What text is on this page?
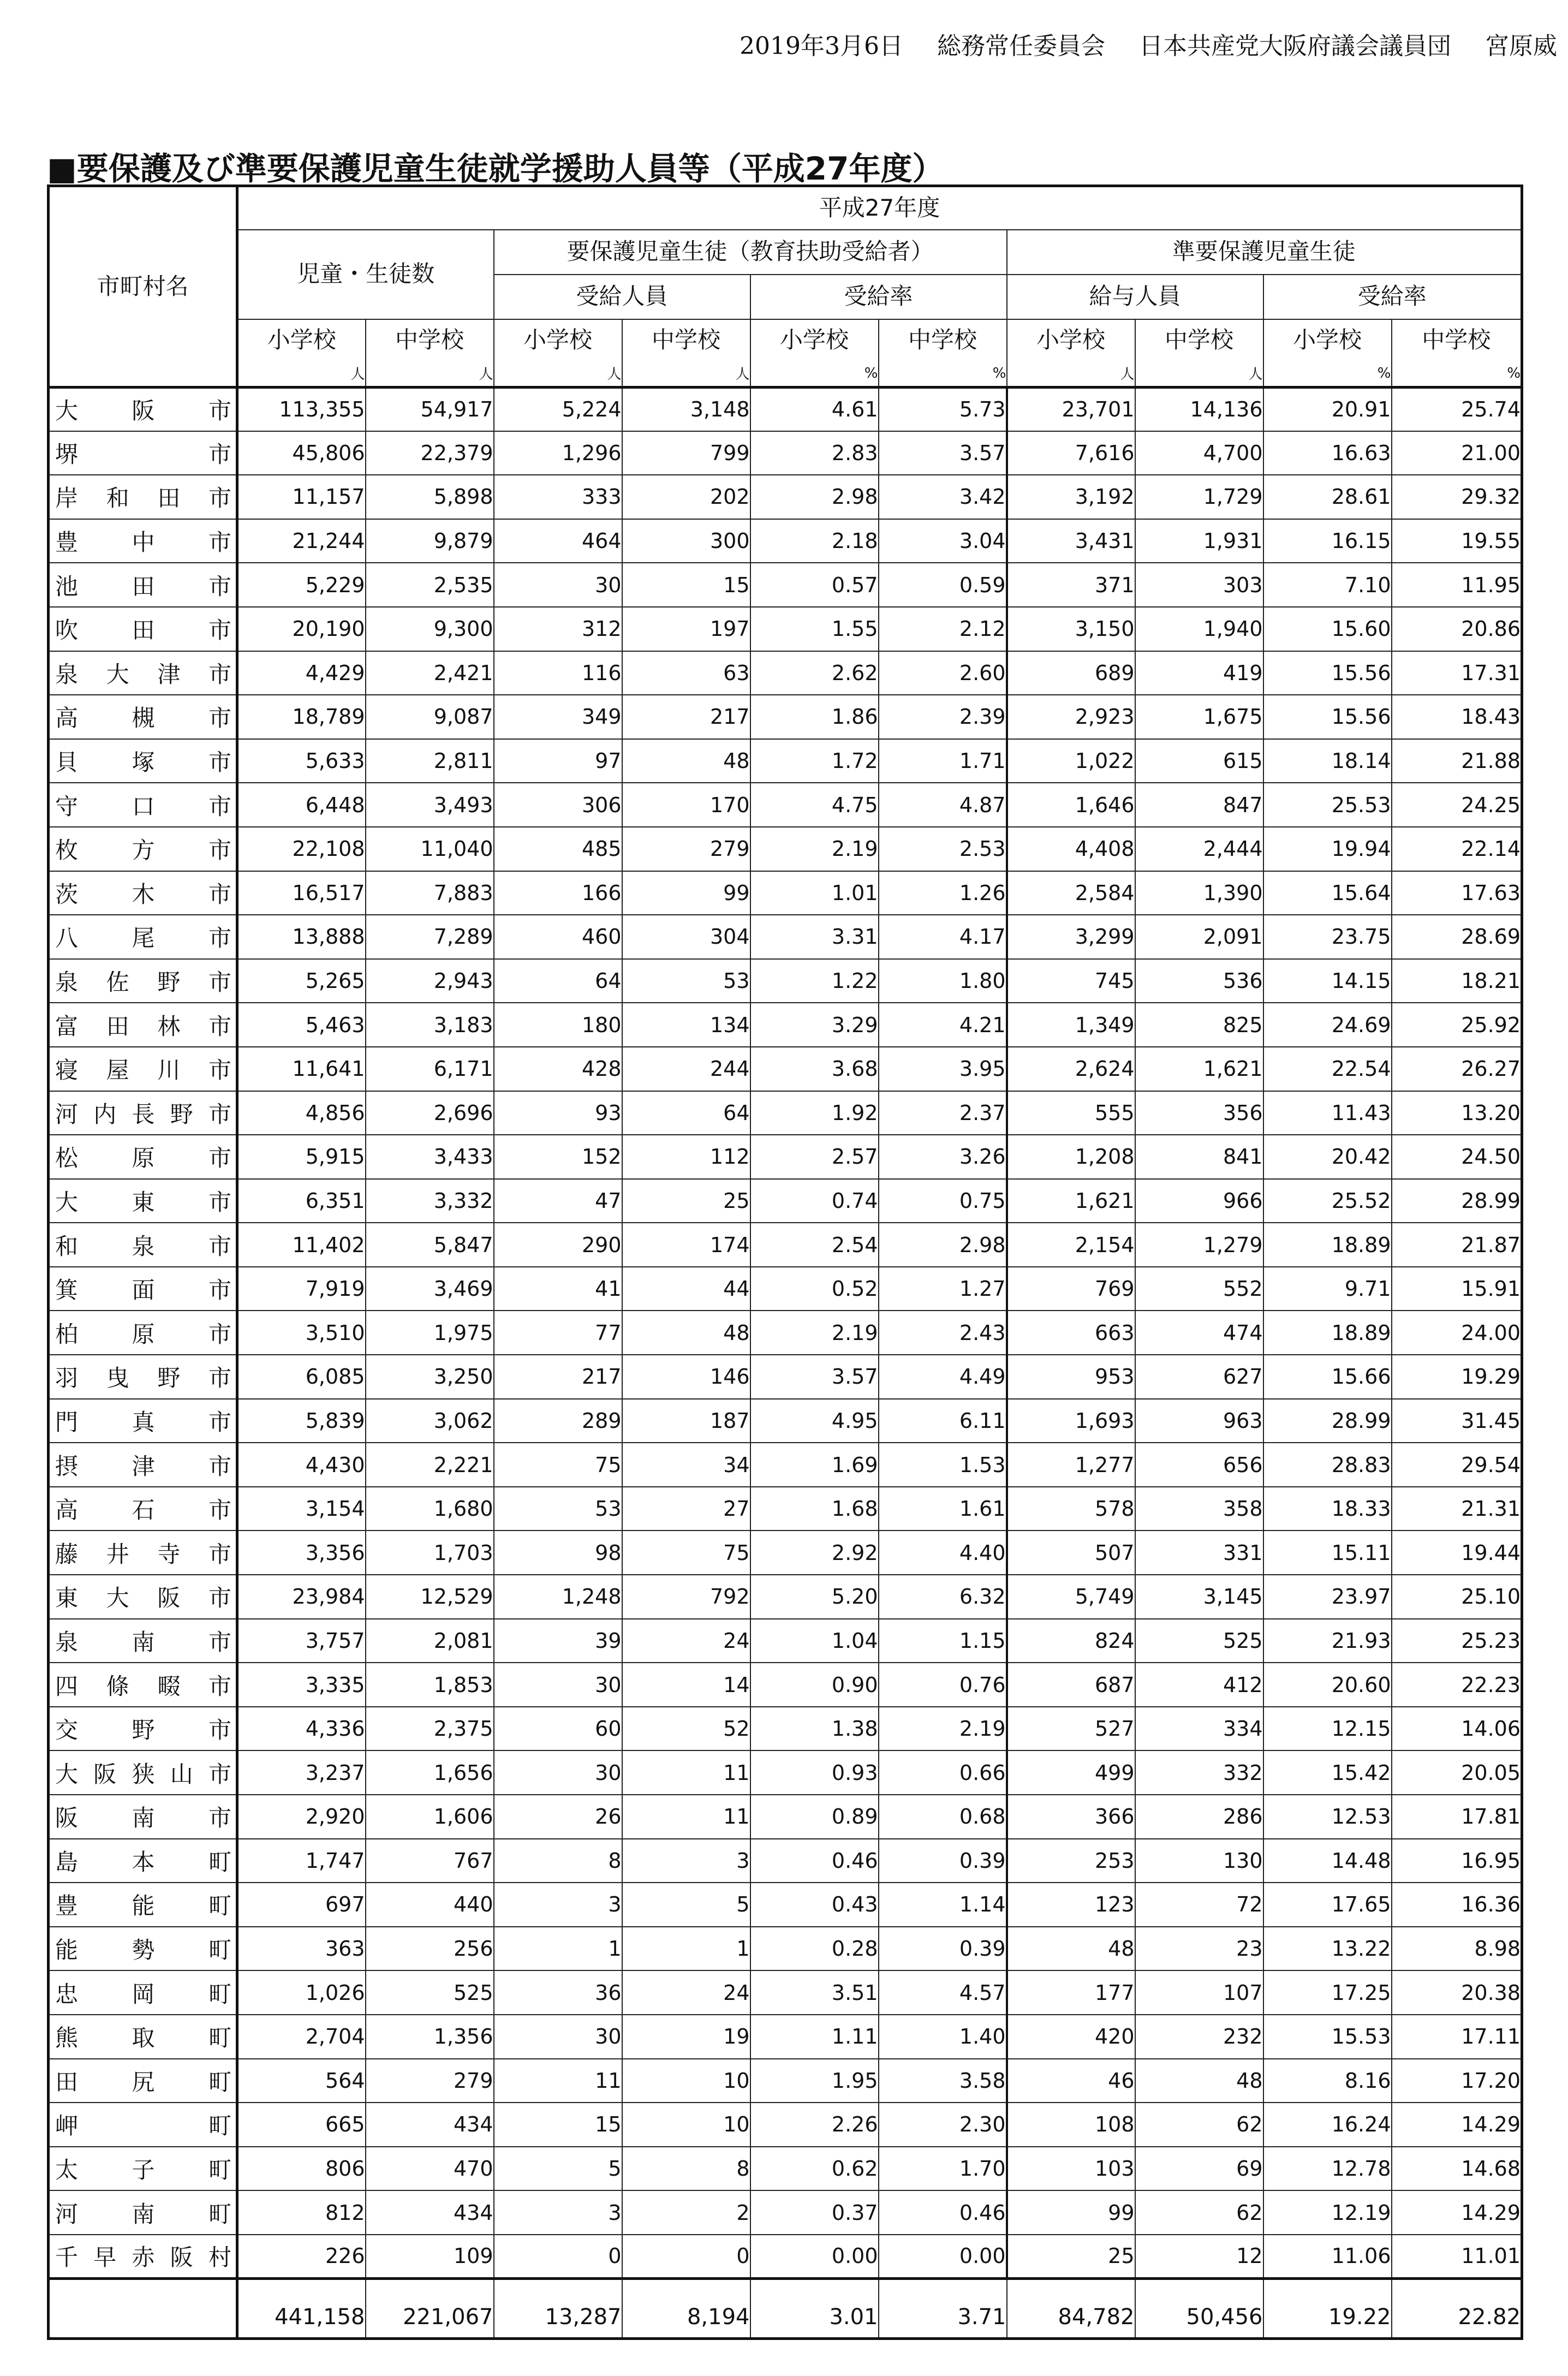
2019年3月6日 総務常任委員会 日本共産党大阪府議会議員団 宮原威
■要保護及び準要保護児童生徒就学援助人員等（平成27年度）
市町村名	平成27年度									
	児童・生徒数		要保護児童生徒（教育扶助受給者）				準要保護児童生徒			
			受給人員		受給率		給与人員		受給率	
	小学校	中学校	小学校	中学校	小学校	中学校	小学校	中学校	小学校	中学校
	人	人	人	人	%	%	人	人	%	%

大 阪 市	113,355	54,917	5,224	3,148	4.61	5.73	23,701	14,136	20.91	25.74

堺 市	45,806	22,379	1,296	799	2.83	3.57	7,616	4,700	16.63	21.00

岸 和 田 市	11,157	5,898	333	202	2.98	3.42	3,192	1,729	28.61	29.32

豊 中 市	21,244	9,879	464	300	2.18	3.04	3,431	1,931	16.15	19.55

池 田 市	5,229	2,535	30	15	0.57	0.59	371	303	7.10	11.95

吹 田 市	20,190	9,300	312	197	1.55	2.12	3,150	1,940	15.60	20.86

泉 大 津 市	4,429	2,421	116	63	2.62	2.60	689	419	15.56	17.31

高 槻 市	18,789	9,087	349	217	1.86	2.39	2,923	1,675	15.56	18.43

貝 塚 市	5,633	2,811	97	48	1.72	1.71	1,022	615	18.14	21.88

守 口 市	6,448	3,493	306	170	4.75	4.87	1,646	847	25.53	24.25

枚 方 市	22,108	11,040	485	279	2.19	2.53	4,408	2,444	19.94	22.14

茨 木 市	16,517	7,883	166	99	1.01	1.26	2,584	1,390	15.64	17.63

八 尾 市	13,888	7,289	460	304	3.31	4.17	3,299	2,091	23.75	28.69

泉 佐 野 市	5,265	2,943	64	53	1.22	1.80	745	536	14.15	18.21

富 田 林 市	5,463	3,183	180	134	3.29	4.21	1,349	825	24.69	25.92

寝 屋 川 市	11,641	6,171	428	244	3.68	3.95	2,624	1,621	22.54	26.27

河 内 長 野 市	4,856	2,696	93	64	1.92	2.37	555	356	11.43	13.20

松 原 市	5,915	3,433	152	112	2.57	3.26	1,208	841	20.42	24.50

大 東 市	6,351	3,332	47	25	0.74	0.75	1,621	966	25.52	28.99

和 泉 市	11,402	5,847	290	174	2.54	2.98	2,154	1,279	18.89	21.87

箕 面 市	7,919	3,469	41	44	0.52	1.27	769	552	9.71	15.91

柏 原 市	3,510	1,975	77	48	2.19	2.43	663	474	18.89	24.00

羽 曳 野 市	6,085	3,250	217	146	3.57	4.49	953	627	15.66	19.29

門 真 市	5,839	3,062	289	187	4.95	6.11	1,693	963	28.99	31.45

摂 津 市	4,430	2,221	75	34	1.69	1.53	1,277	656	28.83	29.54

高 石 市	3,154	1,680	53	27	1.68	1.61	578	358	18.33	21.31

藤 井 寺 市	3,356	1,703	98	75	2.92	4.40	507	331	15.11	19.44

東 大 阪 市	23,984	12,529	1,248	792	5.20	6.32	5,749	3,145	23.97	25.10

泉 南 市	3,757	2,081	39	24	1.04	1.15	824	525	21.93	25.23

四 條 畷 市	3,335	1,853	30	14	0.90	0.76	687	412	20.60	22.23

交 野 市	4,336	2,375	60	52	1.38	2.19	527	334	12.15	14.06

大 阪 狭 山 市	3,237	1,656	30	11	0.93	0.66	499	332	15.42	20.05

阪 南 市	2,920	1,606	26	11	0.89	0.68	366	286	12.53	17.81

島 本 町	1,747	767	8	3	0.46	0.39	253	130	14.48	16.95

豊 能 町	697	440	3	5	0.43	1.14	123	72	17.65	16.36

能 勢 町	363	256	1	1	0.28	0.39	48	23	13.22	8.98

忠 岡 町	1,026	525	36	24	3.51	4.57	177	107	17.25	20.38

熊 取 町	2,704	1,356	30	19	1.11	1.40	420	232	15.53	17.11

田 尻 町	564	279	11	10	1.95	3.58	46	48	8.16	17.20

岬 町	665	434	15	10	2.26	2.30	108	62	16.24	14.29

太 子 町	806	470	5	8	0.62	1.70	103	69	12.78	14.68

河 南 町	812	434	3	2	0.37	0.46	99	62	12.19	14.29

千 早 赤 阪 村	226	109	0	0	0.00	0.00	25	12	11.06	11.01
	441,158	221,067	13,287	8,194	3.01	3.71	84,782	50,456	19.22	22.82
